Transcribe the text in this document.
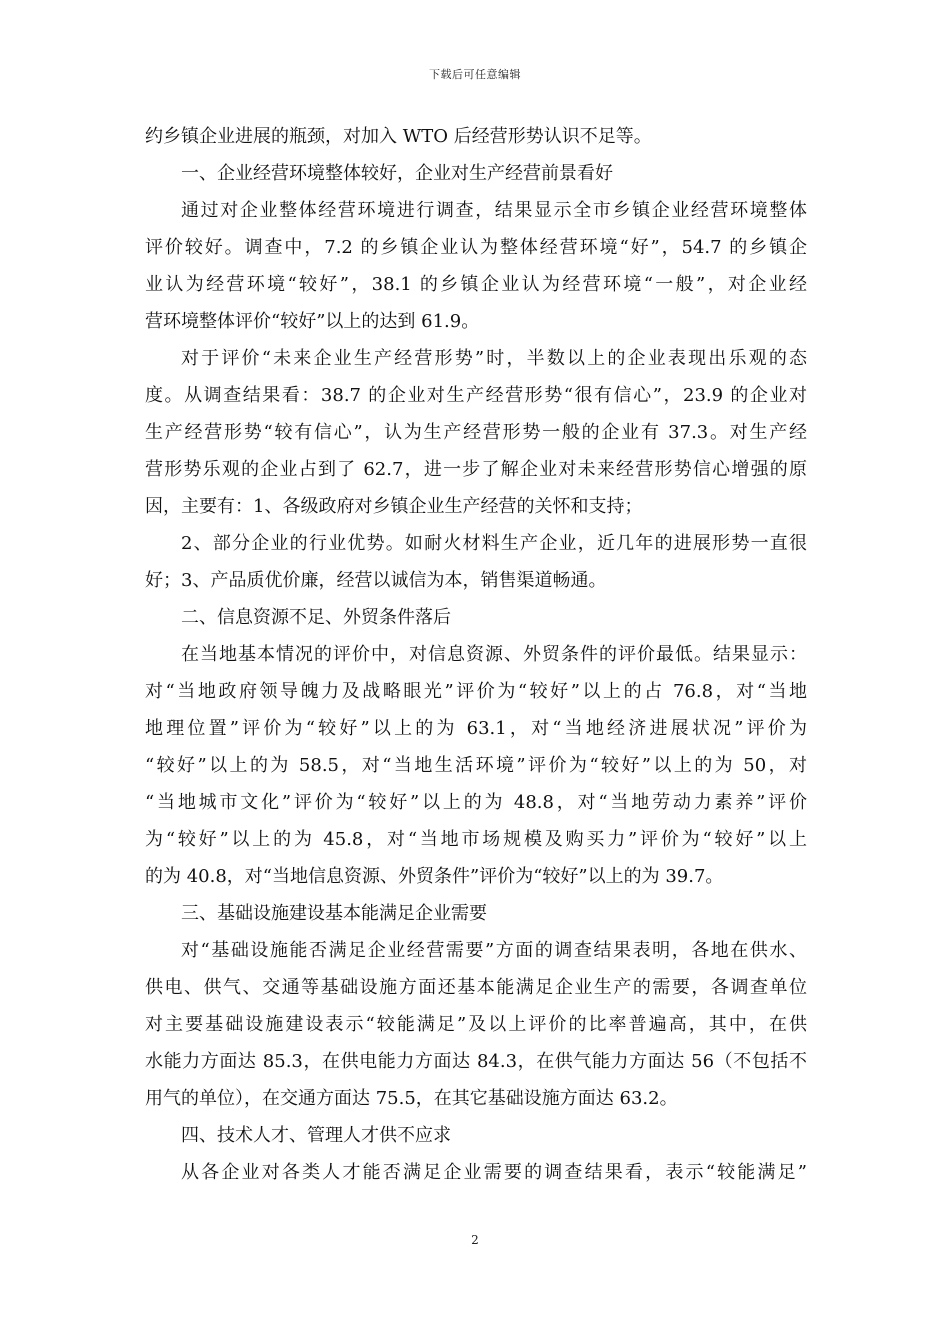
下载后可任意编辑
约乡镇企业进展的瓶颈，对加入 WTO 后经营形势认识不足等。
一、企业经营环境整体较好，企业对生产经营前景看好
通过对企业整体经营环境进行调查，结果显示全市乡镇企业经营环境整体
评价较好。调查中，7.2 的乡镇企业认为整体经营环境“好”，54.7 的乡镇企
业认为经营环境“较好”，38.1 的乡镇企业认为经营环境“一般”，对企业经
营环境整体评价“较好”以上的达到 61.9。
对于评价“未来企业生产经营形势”时，半数以上的企业表现出乐观的态
度。从调查结果看：38.7 的企业对生产经营形势“很有信心”，23.9 的企业对
生产经营形势“较有信心”，认为生产经营形势一般的企业有 37.3。对生产经
营形势乐观的企业占到了 62.7，进一步了解企业对未来经营形势信心增强的原
因，主要有：1、各级政府对乡镇企业生产经营的关怀和支持；
2、部分企业的行业优势。如耐火材料生产企业，近几年的进展形势一直很
好；3、产品质优价廉，经营以诚信为本，销售渠道畅通。
二、信息资源不足、外贸条件落后
在当地基本情况的评价中，对信息资源、外贸条件的评价最低。结果显示：
对“当地政府领导魄力及战略眼光”评价为“较好”以上的占 76.8，对“当地
地理位置”评价为“较好”以上的为 63.1，对“当地经济进展状况”评价为
“较好”以上的为 58.5，对“当地生活环境”评价为“较好”以上的为 50，对
“当地城市文化”评价为“较好”以上的为 48.8，对“当地劳动力素养”评价
为“较好”以上的为 45.8，对“当地市场规模及购买力”评价为“较好”以上
的为 40.8，对“当地信息资源、外贸条件”评价为“较好”以上的为 39.7。
三、基础设施建设基本能满足企业需要
对“基础设施能否满足企业经营需要”方面的调查结果表明，各地在供水、
供电、供气、交通等基础设施方面还基本能满足企业生产的需要，各调查单位
对主要基础设施建设表示“较能满足”及以上评价的比率普遍高，其中，在供
水能力方面达 85.3，在供电能力方面达 84.3，在供气能力方面达 56（不包括不
用气的单位），在交通方面达 75.5，在其它基础设施方面达 63.2。
四、技术人才、管理人才供不应求
从各企业对各类人才能否满足企业需要的调查结果看，表示“较能满足”
2
